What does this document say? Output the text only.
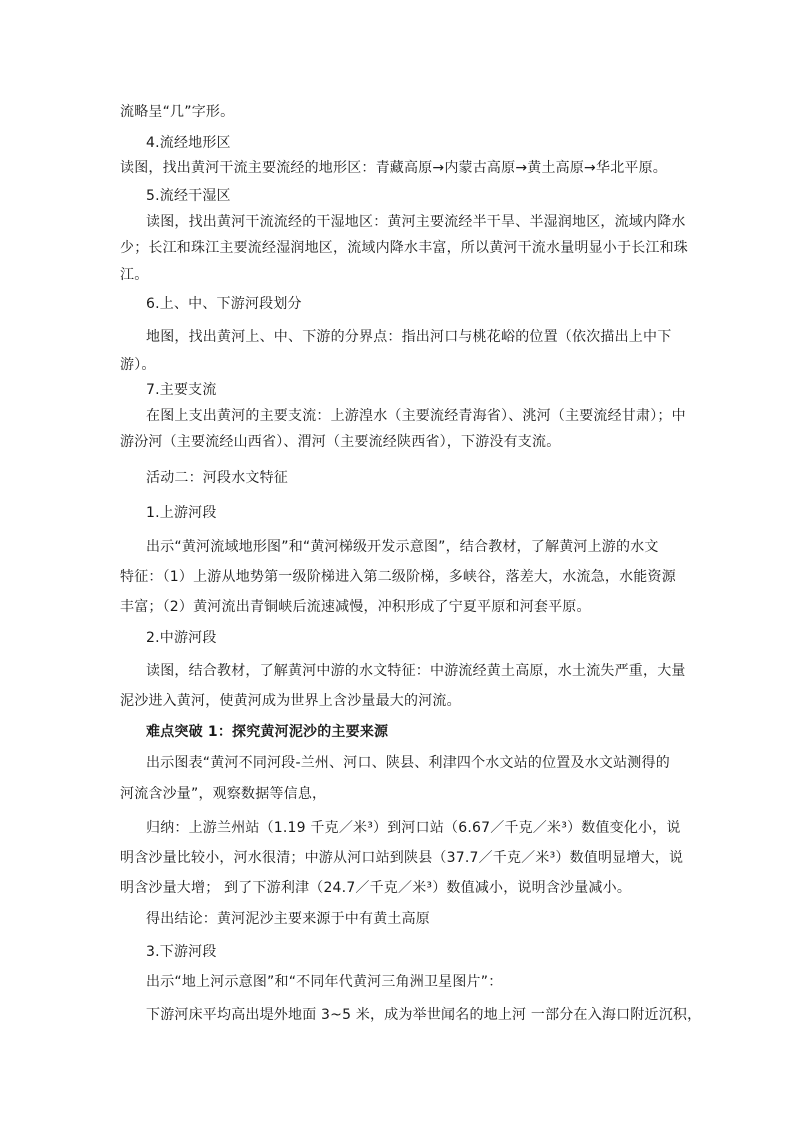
流略呈“几”字形。
4.流经地形区
读图，找出黄河干流主要流经的地形区：青藏高原→内蒙古高原→黄土高原→华北平原。
5.流经干湿区
读图，找出黄河干流流经的干湿地区：黄河主要流经半干旱、半湿润地区，流域内降水
少；长江和珠江主要流经湿润地区，流域内降水丰富，所以黄河干流水量明显小于长江和珠
江。
6.上、中、下游河段划分
地图，找出黄河上、中、下游的分界点：指出河口与桃花峪的位置（依次描出上中下
游）。
7.主要支流
在图上支出黄河的主要支流：上游湟水（主要流经青海省）、洮河（主要流经甘肃）；中
游汾河（主要流经山西省）、渭河（主要流经陕西省），下游没有支流。
活动二：河段水文特征
1.上游河段
出示“黄河流域地形图”和“黄河梯级开发示意图”，结合教材，了解黄河上游的水文
特征：（1）上游从地势第一级阶梯进入第二级阶梯，多峡谷，落差大，水流急，水能资源
丰富；（2）黄河流出青铜峡后流速减慢，冲积形成了宁夏平原和河套平原。
2.中游河段
读图，结合教材，了解黄河中游的水文特征：中游流经黄土高原，水土流失严重，大量
泥沙进入黄河，使黄河成为世界上含沙量最大的河流。
难点突破 1：探究黄河泥沙的主要来源
出示图表“黄河不同河段-兰州、河口、陕县、利津四个水文站的位置及水文站测得的
河流含沙量”，观察数据等信息，
归纳：上游兰州站（1.19 千克／米³）到河口站（6.67／千克／米³）数值变化小，说
明含沙量比较小，河水很清；中游从河口站到陕县（37.7／千克／米³）数值明显增大，说
明含沙量大增； 到了下游利津（24.7／千克／米³）数值减小，说明含沙量减小。
得出结论：黄河泥沙主要来源于中有黄土高原
3.下游河段
出示“地上河示意图”和“不同年代黄河三角洲卫星图片”：
下游河床平均高出堤外地面 3~5 米，成为举世闻名的地上河 一部分在入海口附近沉积，
